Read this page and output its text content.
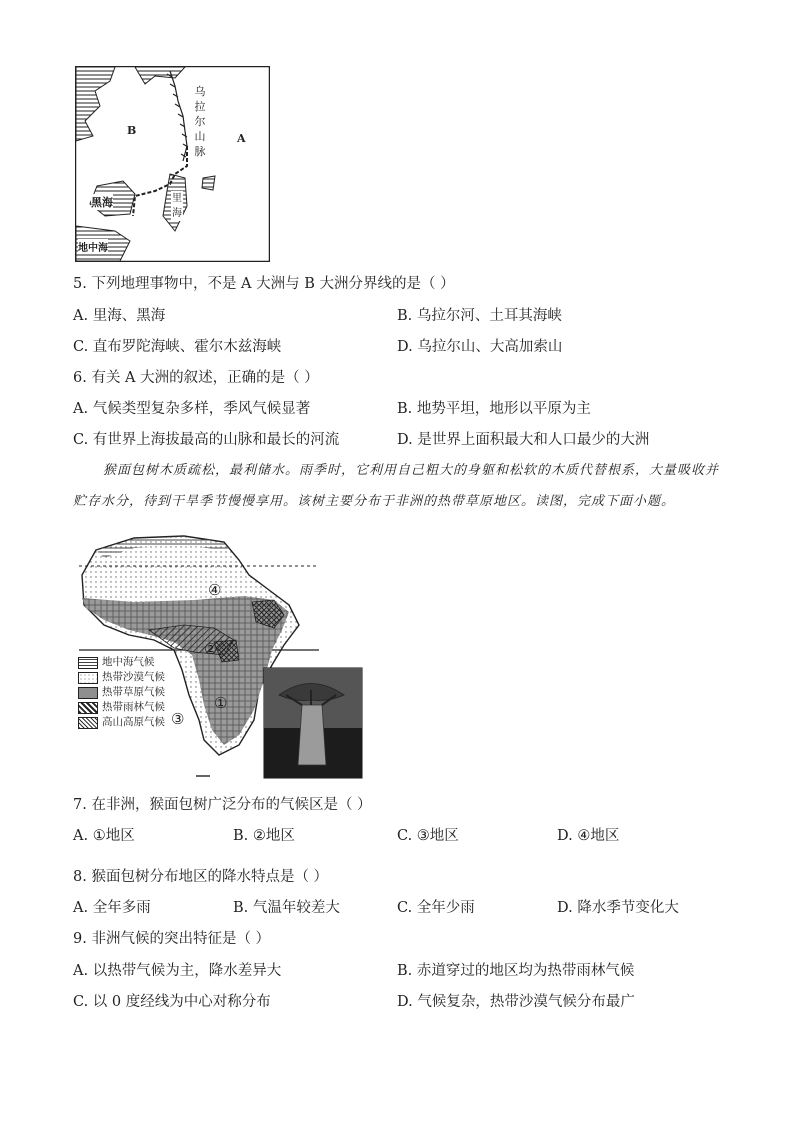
乌
拉
尔
山
脉
A
B
黑海	里
海
地中海
5. 下列地理事物中，不是 A 大洲与 B 大洲分界线的是（ ）
A. 里海、黑海	B. 乌拉尔河、土耳其海峡
C. 直布罗陀海峡、霍尔木兹海峡	D. 乌拉尔山、大高加索山
6. 有关 A 大洲的叙述，正确的是（ ）
A. 气候类型复杂多样，季风气候显著	B. 地势平坦，地形以平原为主
C. 有世界上海拔最高的山脉和最长的河流	D. 是世界上面积最大和人口最少的大洲
猴面包树木质疏松，最利储水。雨季时，它利用自己粗大的身躯和松软的木质代替根系，大量吸收并
贮存水分，待到干旱季节慢慢享用。该树主要分布于非洲的热带草原地区。读图，完成下面小题。
④
②
①
③
地中海气候
热带沙漠气候
热带草原气候
热带雨林气候
高山高原气候
7. 在非洲，猴面包树广泛分布的气候区是（ ）
A. ①地区	B. ②地区	C. ③地区	D. ④地区
8. 猴面包树分布地区的降水特点是（ ）
A. 全年多雨	B. 气温年较差大	C. 全年少雨	D. 降水季节变化大
9. 非洲气候的突出特征是（ ）
A. 以热带气候为主，降水差异大	B. 赤道穿过的地区均为热带雨林气候
C. 以 0 度经线为中心对称分布	D. 气候复杂，热带沙漠气候分布最广
